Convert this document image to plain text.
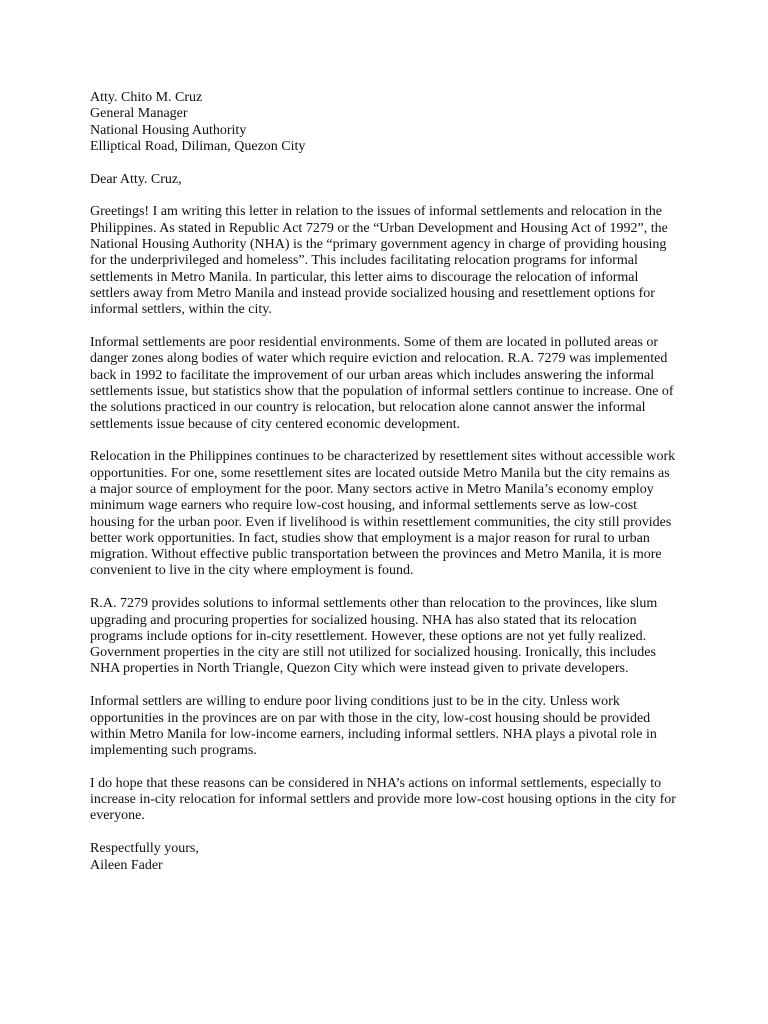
Atty. Chito M. Cruz
General Manager
National Housing Authority
Elliptical Road, Diliman, Quezon City
Dear Atty. Cruz,

Greetings! I am writing this letter in relation to the issues of informal settlements and relocation in the Philippines. As stated in Republic Act 7279 or the “Urban Development and Housing Act of 1992”, the National Housing Authority (NHA) is the “primary government agency in charge of providing housing for the underprivileged and homeless”. This includes facilitating relocation programs for informal settlements in Metro Manila. In particular, this letter aims to discourage the relocation of informal settlers away from Metro Manila and instead provide socialized housing and resettlement options for informal settlers, within the city.

Informal settlements are poor residential environments. Some of them are located in polluted areas or danger zones along bodies of water which require eviction and relocation. R.A. 7279 was implemented back in 1992 to facilitate the improvement of our urban areas which includes answering the informal settlements issue, but statistics show that the population of informal settlers continue to increase. One of the solutions practiced in our country is relocation, but relocation alone cannot answer the informal settlements issue because of city centered economic development.

Relocation in the Philippines continues to be characterized by resettlement sites without accessible work opportunities. For one, some resettlement sites are located outside Metro Manila but the city remains as a major source of employment for the poor. Many sectors active in Metro Manila’s economy employ minimum wage earners who require low-cost housing, and informal settlements serve as low-cost housing for the urban poor. Even if livelihood is within resettlement communities, the city still provides better work opportunities. In fact, studies show that employment is a major reason for rural to urban migration. Without effective public transportation between the provinces and Metro Manila, it is more convenient to live in the city where employment is found.

R.A. 7279 provides solutions to informal settlements other than relocation to the provinces, like slum upgrading and procuring properties for socialized housing. NHA has also stated that its relocation programs include options for in-city resettlement. However, these options are not yet fully realized. Government properties in the city are still not utilized for socialized housing. Ironically, this includes NHA properties in North Triangle, Quezon City which were instead given to private developers.

Informal settlers are willing to endure poor living conditions just to be in the city. Unless work opportunities in the provinces are on par with those in the city, low-cost housing should be provided within Metro Manila for low-income earners, including informal settlers. NHA plays a pivotal role in implementing such programs.

I do hope that these reasons can be considered in NHA’s actions on informal settlements, especially to increase in-city relocation for informal settlers and provide more low-cost housing options in the city for everyone.

Respectfully yours,
Aileen Fader
